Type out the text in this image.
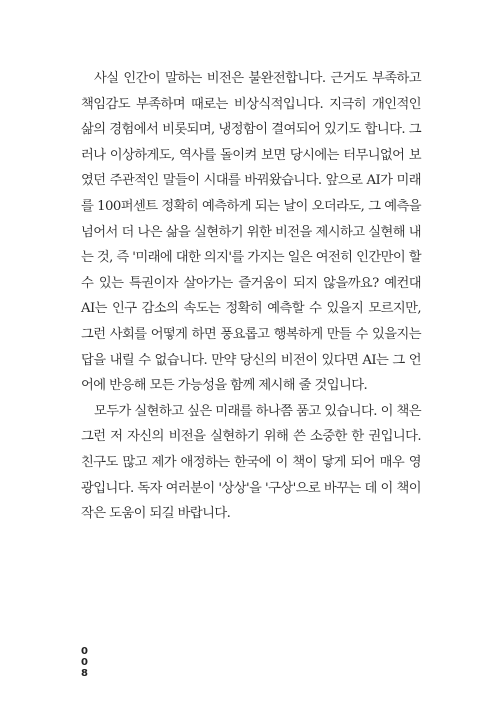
사실 인간이 말하는 비전은 불완전합니다. 근거도 부족하고 책임감도 부족하며 때로는 비상식적입니다. 지극히 개인적인 삶의 경험에서 비롯되며, 냉정함이 결여되어 있기도 합니다. 그러나 이상하게도, 역사를 돌이켜 보면 당시에는 터무니없어 보였던 주관적인 말들이 시대를 바꿔왔습니다. 앞으로 AI가 미래를 100퍼센트 정확히 예측하게 되는 날이 오더라도, 그 예측을 넘어서 더 나은 삶을 실현하기 위한 비전을 제시하고 실현해 내는 것, 즉 '미래에 대한 의지'를 가지는 일은 여전히 인간만이 할 수 있는 특권이자 살아가는 즐거움이 되지 않을까요? 예컨대 AI는 인구 감소의 속도는 정확히 예측할 수 있을지 모르지만, 그런 사회를 어떻게 하면 풍요롭고 행복하게 만들 수 있을지는 답을 내릴 수 없습니다. 만약 당신의 비전이 있다면 AI는 그 언어에 반응해 모든 가능성을 함께 제시해 줄 것입니다.

모두가 실현하고 싶은 미래를 하나쯤 품고 있습니다. 이 책은 그런 저 자신의 비전을 실현하기 위해 쓴 소중한 한 권입니다. 친구도 많고 제가 애정하는 한국에 이 책이 닿게 되어 매우 영광입니다. 독자 여러분이 '상상'을 '구상'으로 바꾸는 데 이 책이 작은 도움이 되길 바랍니다.

0
0
8
